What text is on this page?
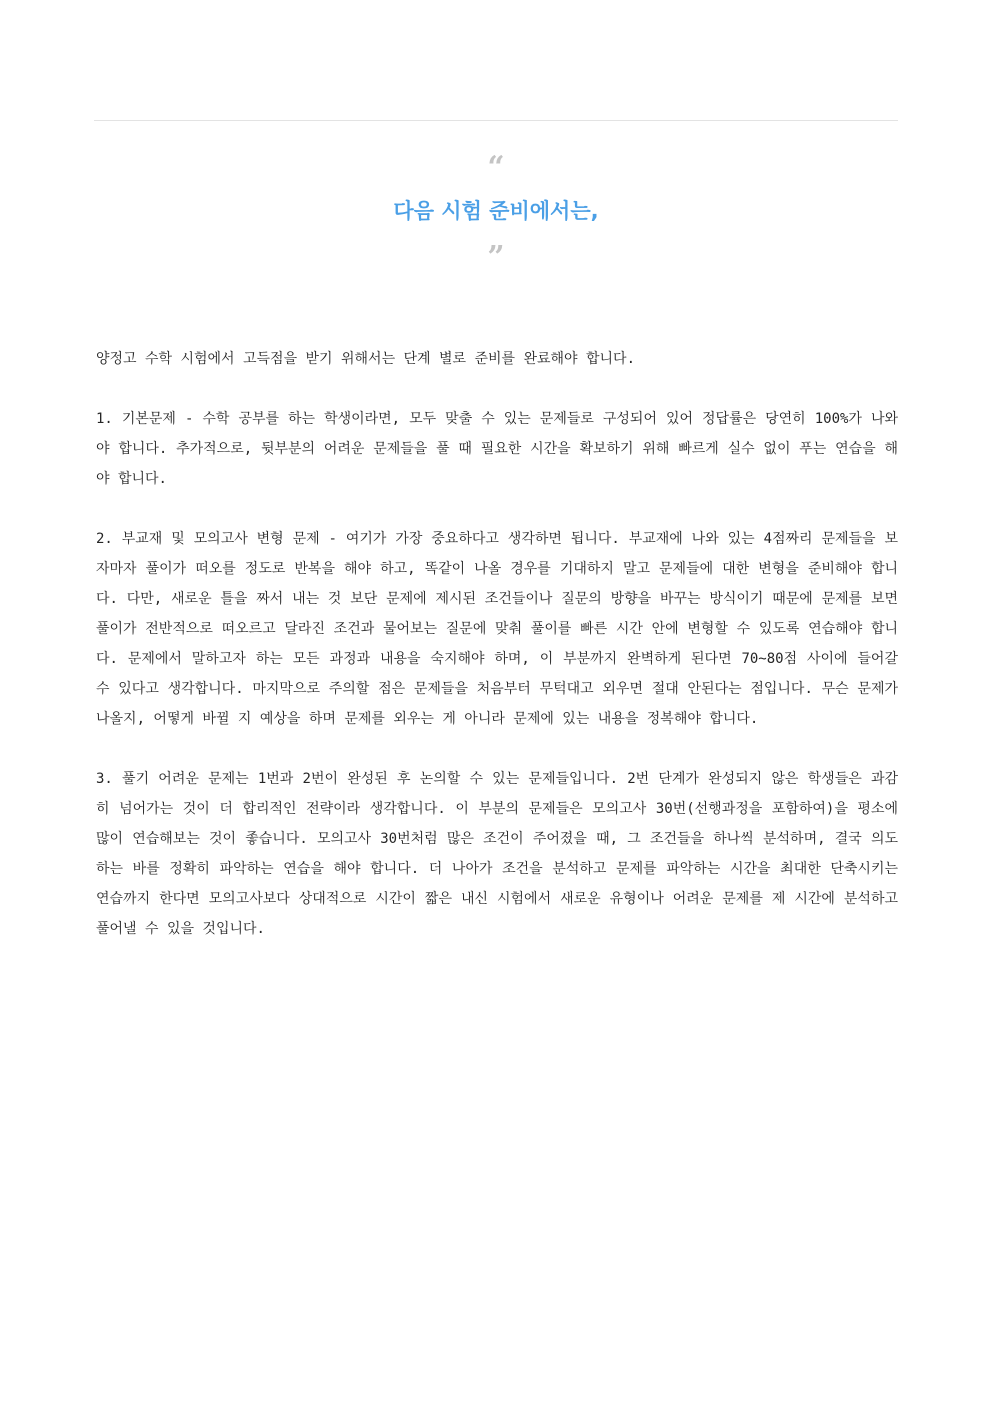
“
다음 시험 준비에서는,
”

양정고 수학 시험에서 고득점을 받기 위해서는 단계 별로 준비를 완료해야 합니다.

1. 기본문제 - 수학 공부를 하는 학생이라면, 모두 맞출 수 있는 문제들로 구성되어 있어 정답률은 당연히 100%가 나와야 합니다. 추가적으로, 뒷부분의 어려운 문제들을 풀 때 필요한 시간을 확보하기 위해 빠르게 실수 없이 푸는 연습을 해야 합니다.

2. 부교재 및 모의고사 변형 문제 - 여기가 가장 중요하다고 생각하면 됩니다. 부교재에 나와 있는 4점짜리 문제들을 보자마자 풀이가 떠오를 정도로 반복을 해야 하고, 똑같이 나올 경우를 기대하지 말고 문제들에 대한 변형을 준비해야 합니다. 다만, 새로운 틀을 짜서 내는 것 보단 문제에 제시된 조건들이나 질문의 방향을 바꾸는 방식이기 때문에 문제를 보면 풀이가 전반적으로 떠오르고 달라진 조건과 물어보는 질문에 맞춰 풀이를 빠른 시간 안에 변형할 수 있도록 연습해야 합니다. 문제에서 말하고자 하는 모든 과정과 내용을 숙지해야 하며, 이 부분까지 완벽하게 된다면 70~80점 사이에 들어갈 수 있다고 생각합니다. 마지막으로 주의할 점은 문제들을 처음부터 무턱대고 외우면 절대 안된다는 점입니다. 무슨 문제가 나올지, 어떻게 바뀔 지 예상을 하며 문제를 외우는 게 아니라 문제에 있는 내용을 정복해야 합니다.

3. 풀기 어려운 문제는 1번과 2번이 완성된 후 논의할 수 있는 문제들입니다. 2번 단계가 완성되지 않은 학생들은 과감히 넘어가는 것이 더 합리적인 전략이라 생각합니다. 이 부분의 문제들은 모의고사 30번(선행과정을 포함하여)을 평소에 많이 연습해보는 것이 좋습니다. 모의고사 30번처럼 많은 조건이 주어졌을 때, 그 조건들을 하나씩 분석하며, 결국 의도하는 바를 정확히 파악하는 연습을 해야 합니다. 더 나아가 조건을 분석하고 문제를 파악하는 시간을 최대한 단축시키는 연습까지 한다면 모의고사보다 상대적으로 시간이 짧은 내신 시험에서 새로운 유형이나 어려운 문제를 제 시간에 분석하고 풀어낼 수 있을 것입니다.
